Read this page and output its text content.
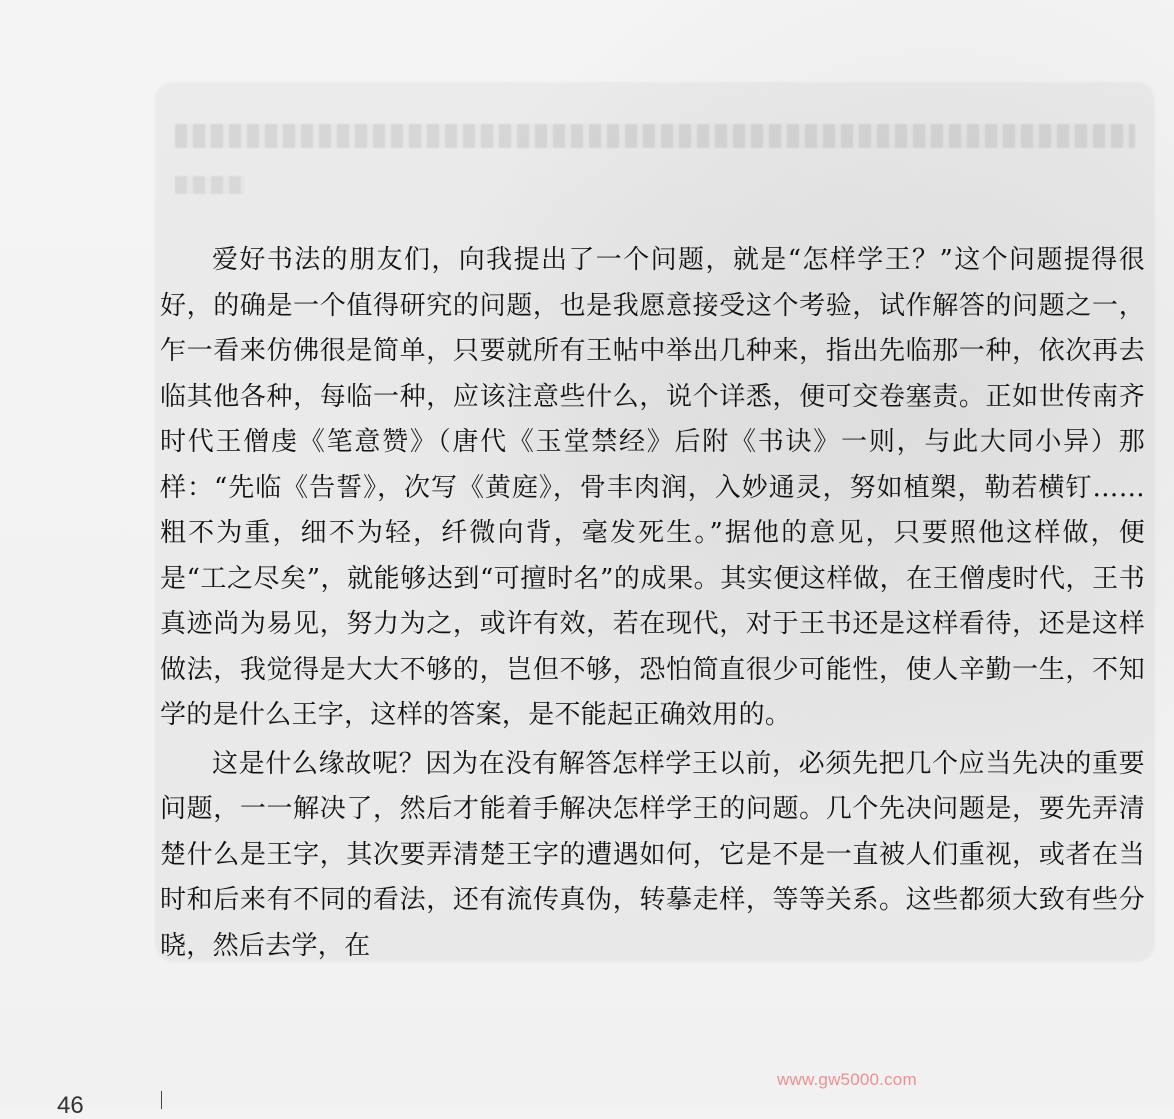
爱好书法的朋友们，向我提出了一个问题，就是“怎样学王？”这个问题提得很好，的确是一个值得研究的问题，也是我愿意接受这个考验，试作解答的问题之一，乍一看来仿佛很是简单，只要就所有王帖中举出几种来，指出先临那一种，依次再去临其他各种，每临一种，应该注意些什么，说个详悉，便可交卷塞责。正如世传南齐时代王僧虔《笔意赞》（唐代《玉堂禁经》后附《书诀》一则，与此大同小异）那样：“先临《告誓》，次写《黄庭》，骨丰肉润，入妙通灵，努如植槊，勒若横钉……粗不为重，细不为轻，纤微向背，毫发死生。”据他的意见，只要照他这样做，便是“工之尽矣”，就能够达到“可擅时名”的成果。其实便这样做，在王僧虔时代，王书真迹尚为易见，努力为之，或许有效，若在现代，对于王书还是这样看待，还是这样做法，我觉得是大大不够的，岂但不够，恐怕简直很少可能性，使人辛勤一生，不知学的是什么王字，这样的答案，是不能起正确效用的。

这是什么缘故呢？因为在没有解答怎样学王以前，必须先把几个应当先决的重要问题，一一解决了，然后才能着手解决怎样学王的问题。几个先决问题是，要先弄清楚什么是王字，其次要弄清楚王字的遭遇如何，它是不是一直被人们重视，或者在当时和后来有不同的看法，还有流传真伪，转摹走样，等等关系。这些都须大致有些分晓，然后去学，在

46
www.gw5000.com
